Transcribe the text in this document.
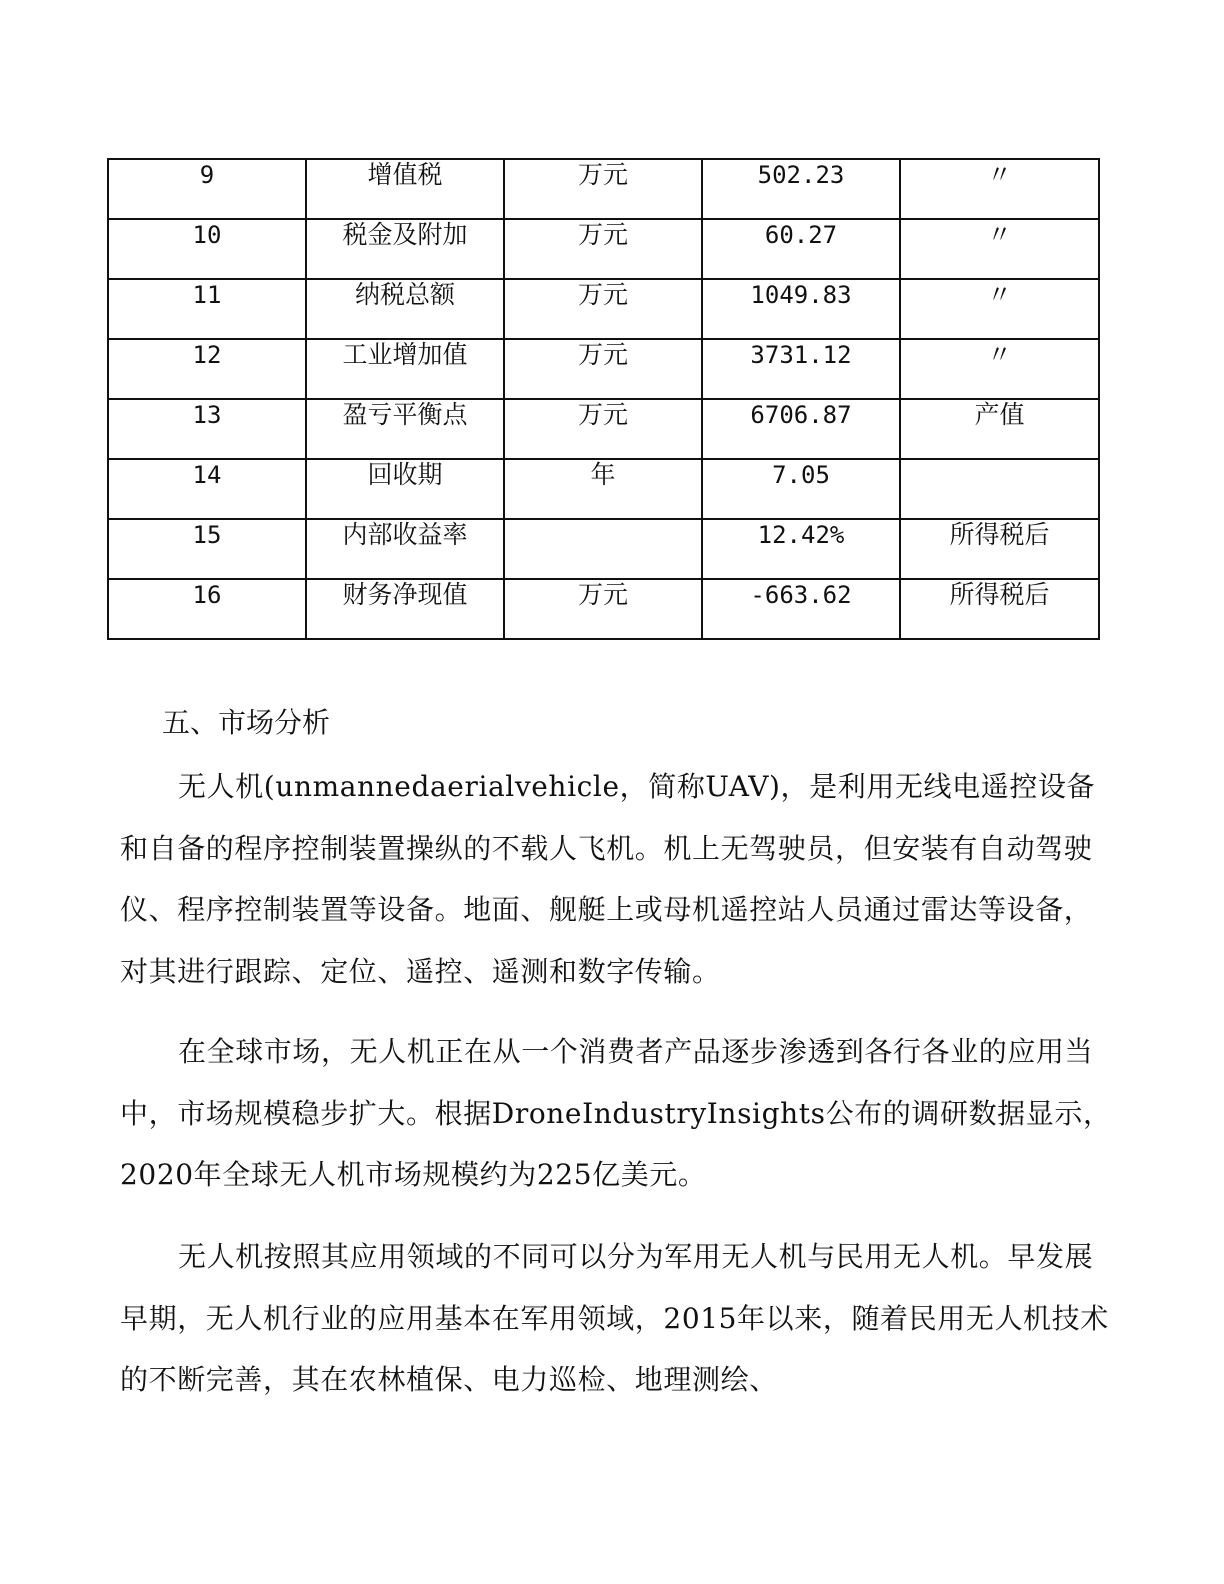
9	增值税	万元	502.23	〃
10	税金及附加	万元	60.27	〃
11	纳税总额	万元	1049.83	〃
12	工业增加值	万元	3731.12	〃
13	盈亏平衡点	万元	6706.87	产值
14	回收期	年	7.05	
15	内部收益率		12.42%	所得税后
16	财务净现值	万元	-663.62	所得税后
五、市场分析

无人机(unmannedaerialvehicle，简称UAV)，是利用无线电遥控设备和自备的程序控制装置操纵的不载人飞机。机上无驾驶员，但安装有自动驾驶仪、程序控制装置等设备。地面、舰艇上或母机遥控站人员通过雷达等设备，对其进行跟踪、定位、遥控、遥测和数字传输。

在全球市场，无人机正在从一个消费者产品逐步渗透到各行各业的应用当中，市场规模稳步扩大。根据DroneIndustryInsights公布的调研数据显示，2020年全球无人机市场规模约为225亿美元。

无人机按照其应用领域的不同可以分为军用无人机与民用无人机。早发展早期，无人机行业的应用基本在军用领域，2015年以来，随着民用无人机技术的不断完善，其在农林植保、电力巡检、地理测绘、
